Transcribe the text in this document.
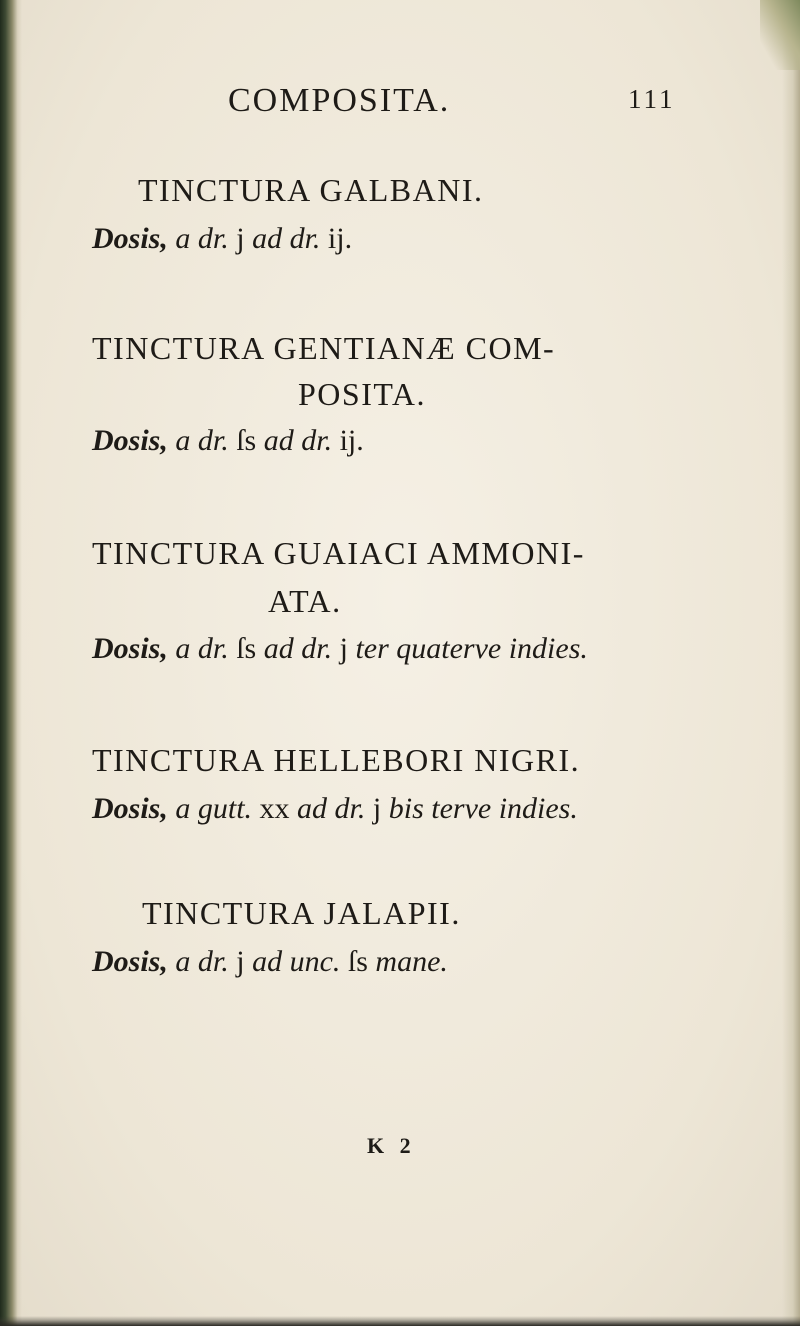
COMPOSITA.	111
TINCTURA GALBANI.
Dosis, a dr. j ad dr. ij.
TINCTURA GENTIANÆ COM-
POSITA.
Dosis, a dr. ſs ad dr. ij.
TINCTURA GUAIACI AMMONI-
ATA.
Dosis, a dr. ſs ad dr. j ter quaterve indies.
TINCTURA HELLEBORI NIGRI.
Dosis, a gutt. xx ad dr. j bis terve indies.
TINCTURA JALAPII.
Dosis, a dr. j ad unc. ſs mane.
K 2
